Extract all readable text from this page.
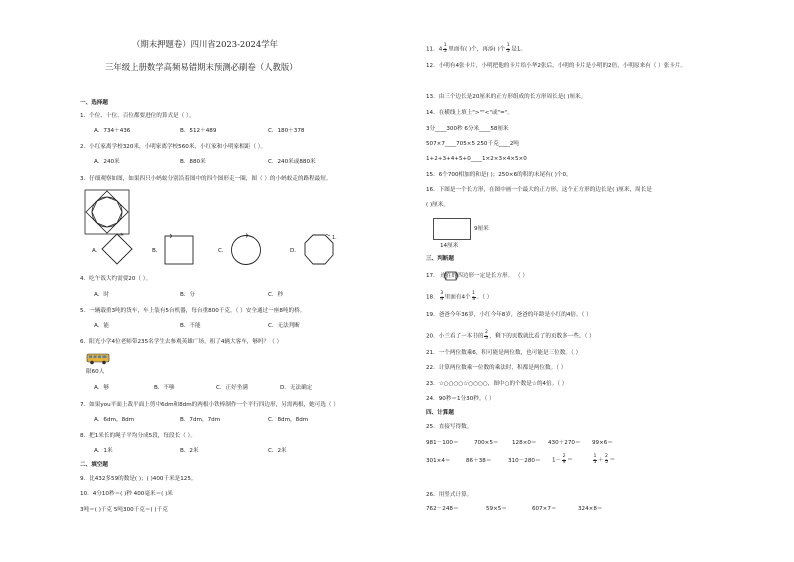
（期末押题卷）四川省2023-2024学年
三年级上册数学高频易错期末预测必刷卷（人教版）
一、选择题
1．个位、十位、百位都要进位的算式是（ ）。
A．734＋436	B．512＋489	C．180＋378
2．小红家离学校320米，小明家离学校560米，小红家和小明家相距（ ）。
A．240米	B．880米	C．240米或880米
3．仔细观察如图，如果四只小蚂蚁分别沿着图中的四个图形走一圈，图（ ）的小蚂蚁走的路程最短。
A．	B．	C．	D．
1.
4．吃午饭大约需要20（ ）。
A．时	B．分	C．秒
5．一辆载重3吨的货车，车上装有5台机器，每台重800千克，（ ）安全通过一座8吨的桥。
A．能	B．不能	C．无法判断
6．阳光小学4位老师带235名学生去参观英雄广场，租了4辆大客车，够吗？（ ）
限60人
A．够	B．不够	C．正好坐满	D．无法确定
7．如果you平面上裁平面上剪中6dm和8dm的两根小铁棒制作一个平行四边形，另需两根，她可选（ ）
A．6dm，8dm	B．7dm，7dm	C．8dm，8dm
8．把1米长的绳子平均分成5段，每段长（ ）。
A．1米	B．2米	C．2米
二、填空题
9．比432多59的数是( )；( )400千米是125。
10．4分10秒＝( )秒 400毫米＝( )米
3吨＝( )千克 5吨300千克＝( )千克
11．$4 \frac{1}{5}$ 里面有( )个，再添( )个 $\frac{1}{5}$ 是1。
12．小明有4张卡片，小明把他的卡片给小华2张后，小明的卡片是小明的2倍，小明原来有（ ）张卡片。
13．由三个边长是20厘米的正方形组成的长方形周长是( )厘米。
14．在横线上填上">""<"或"="。
3分____300秒 6分米____58厘米
507×7____705×5 250千克____2吨
1+2+3+4+5+0____1×2×3×4×5×0
15．6个700相加的和是( )；250×6的积的末尾有( )个0。
16．下图是一个长方形，在图中画一个最大的正方形，这个正方形的边长是( )厘米，周长是
( )厘米。
9厘米
14厘米
三、判断题
17． 连在的四边形一定是长方形。 （ ）
18． $\frac{3}{4}$ 里面有4个 $\frac{1}{3}$ 。（ ）
19．爸爸今年36岁，小红今年8岁，爸爸的年龄是小红的4倍。（ ）
20．小兰看了一本书的 $\frac{2}{5}$ ，剩下的页数就比看了的页数多一些。（ ）
21．一个两位数乘6，积可能是两位数，也可能是三位数。（ ）
22．计算两位数乘一位数的乘法时，积都是两位数。（ ）
23．☆○○○○☆○○○○，图中○的个数是☆的4倍。（ ）
24．90秒＝1分30秒。（ ）
四、计算题
25．直接写得数。
981－100＝	700×5＝ 128×0＝ 430＋270＝ 99×6＝
301×4＝	86＋38＝	$310-280= 1- \frac{2}{9}$ ＝	$\frac{1}{5} + \frac{2}{5}$ ＝
26．用竖式计算。
762－248＝	59×5＝	607×7＝	324×8＝
